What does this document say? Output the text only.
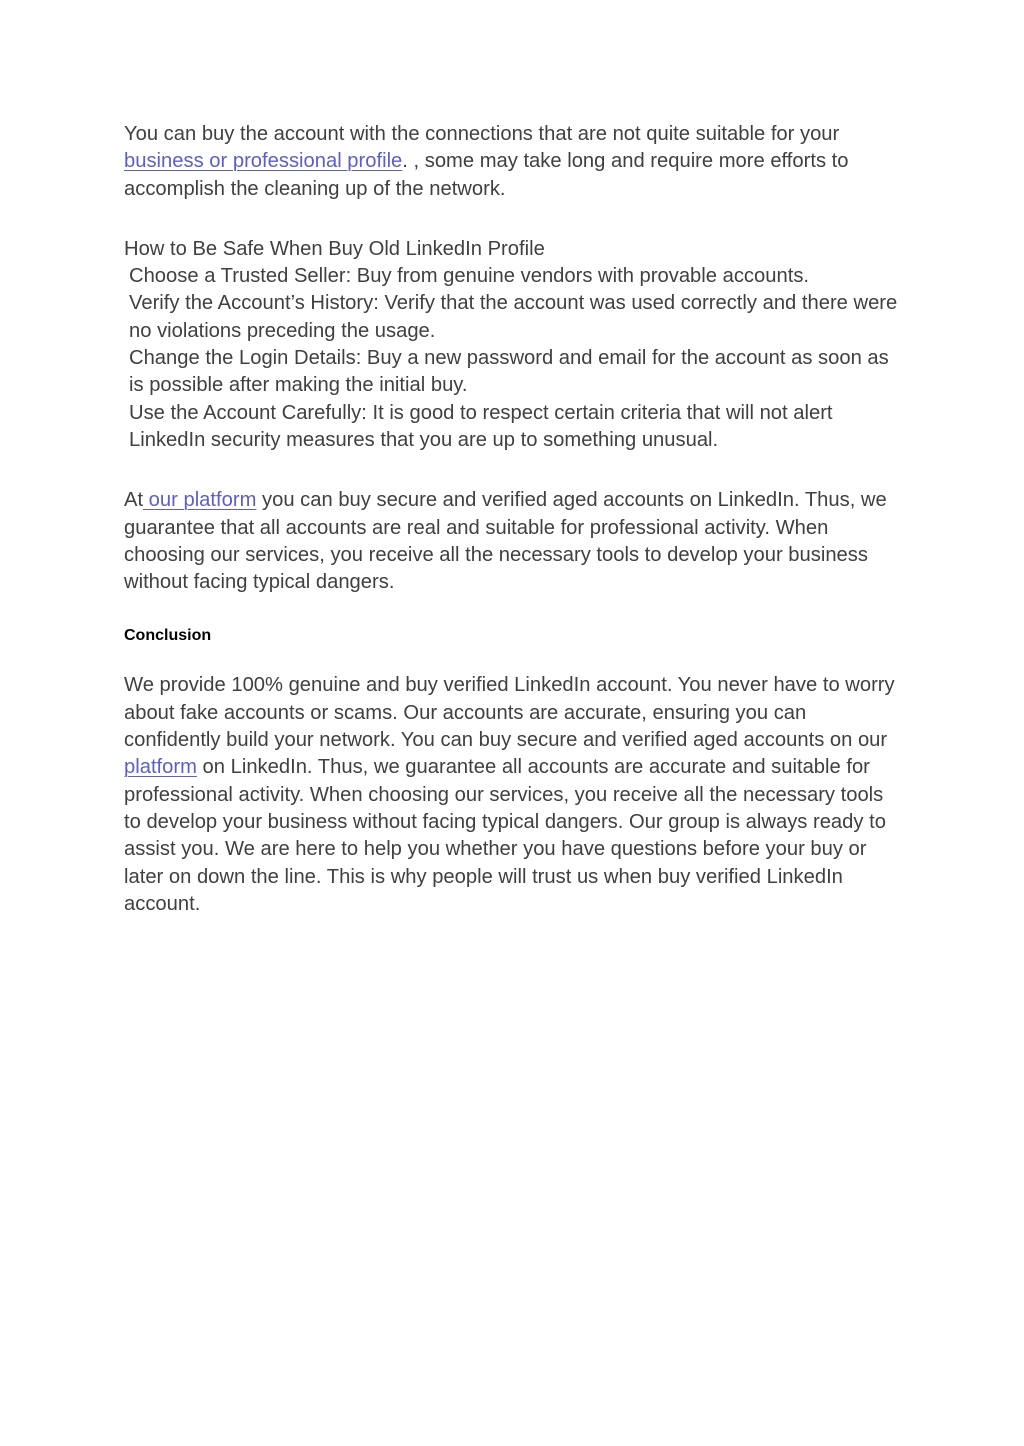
You can buy the account with the connections that are not quite suitable for your business or professional profile. , some may take long and require more efforts to accomplish the cleaning up of the network.

How to Be Safe When Buy Old LinkedIn Profile
Choose a Trusted Seller: Buy from genuine vendors with provable accounts.
Verify the Account’s History: Verify that the account was used correctly and there were no violations preceding the usage.
Change the Login Details: Buy a new password and email for the account as soon as is possible after making the initial buy.
Use the Account Carefully: It is good to respect certain criteria that will not alert LinkedIn security measures that you are up to something unusual.

At our platform you can buy secure and verified aged accounts on LinkedIn. Thus, we guarantee that all accounts are real and suitable for professional activity. When choosing our services, you receive all the necessary tools to develop your business without facing typical dangers.

Conclusion

We provide 100% genuine and buy verified LinkedIn account. You never have to worry about fake accounts or scams. Our accounts are accurate, ensuring you can confidently build your network. You can buy secure and verified aged accounts on our platform on LinkedIn. Thus, we guarantee all accounts are accurate and suitable for professional activity. When choosing our services, you receive all the necessary tools to develop your business without facing typical dangers. Our group is always ready to assist you. We are here to help you whether you have questions before your buy or later on down the line. This is why people will trust us when buy verified LinkedIn account.
